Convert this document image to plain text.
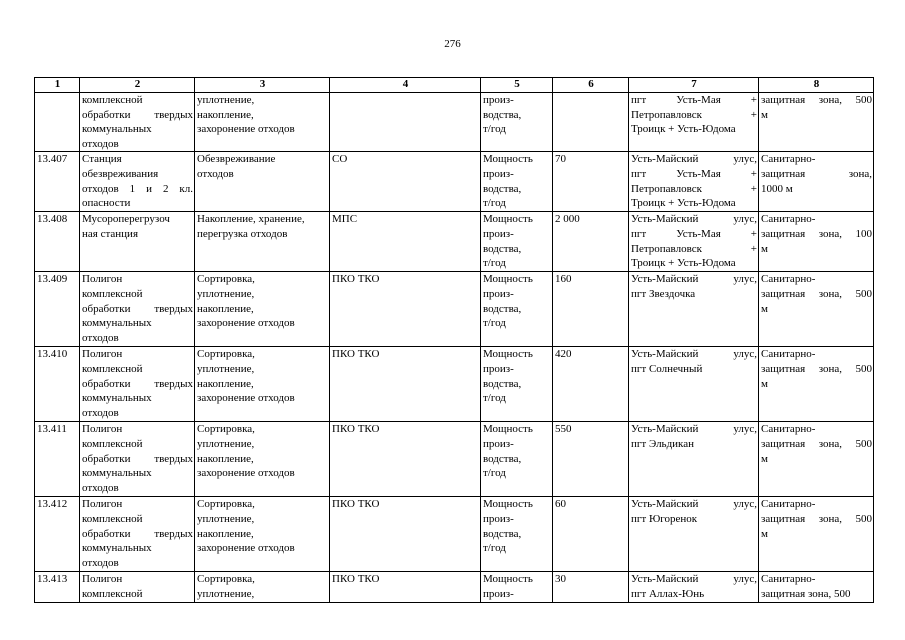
276
1	2	3	4	5	6	7	8

	комплексной
обработки твердых
коммунальных
отходов	уплотнение,
накопление,
захоронение отходов		произ-
водства,
т/год		пгт Усть-Мая +
Петропавловск +
Троицк + Усть-Юдома	защитная зона, 500
м

13.407	Станция
обезвреживания
отходов 1 и 2 кл.
опасности	Обезвреживание
отходов	СО	Мощность
произ-
водства,
т/год	70	Усть-Майский улус,
пгт Усть-Мая +
Петропавловск +
Троицк + Усть-Юдома	Санитарно-
защитная зона,
1000 м

13.408	Мусороперегрузоч
ная станция	Накопление, хранение,
перегрузка отходов	МПС	Мощность
произ-
водства,
т/год	2 000	Усть-Майский улус,
пгт Усть-Мая +
Петропавловск +
Троицк + Усть-Юдома	Санитарно-
защитная зона, 100
м

13.409	Полигон
комплексной
обработки твердых
коммунальных
отходов	Сортировка,
уплотнение,
накопление,
захоронение отходов	ПКО ТКО	Мощность
произ-
водства,
т/год	160	Усть-Майский улус,
пгт Звездочка	Санитарно-
защитная зона, 500
м

13.410	Полигон
комплексной
обработки твердых
коммунальных
отходов	Сортировка,
уплотнение,
накопление,
захоронение отходов	ПКО ТКО	Мощность
произ-
водства,
т/год	420	Усть-Майский улус,
пгт Солнечный	Санитарно-
защитная зона, 500
м

13.411	Полигон
комплексной
обработки твердых
коммунальных
отходов	Сортировка,
уплотнение,
накопление,
захоронение отходов	ПКО ТКО	Мощность
произ-
водства,
т/год	550	Усть-Майский улус,
пгт Эльдикан	Санитарно-
защитная зона, 500
м

13.412	Полигон
комплексной
обработки твердых
коммунальных
отходов	Сортировка,
уплотнение,
накопление,
захоронение отходов	ПКО ТКО	Мощность
произ-
водства,
т/год	60	Усть-Майский улус,
пгт Югоренок	Санитарно-
защитная зона, 500
м

13.413	Полигон
комплексной	Сортировка,
уплотнение,	ПКО ТКО	Мощность
произ-	30	Усть-Майский улус,
пгт Аллах-Юнь	Санитарно-
защитная зона, 500
